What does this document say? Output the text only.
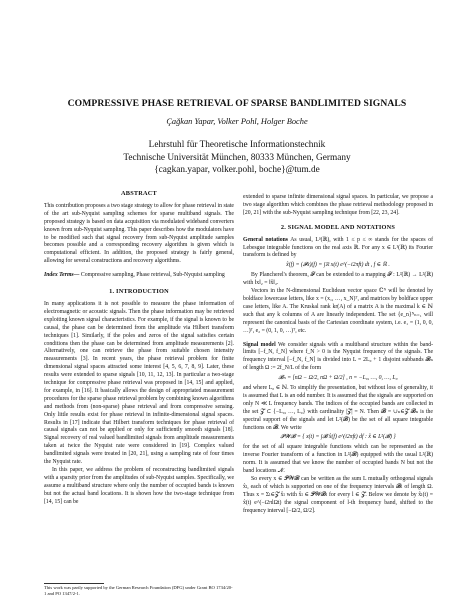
COMPRESSIVE PHASE RETRIEVAL OF SPARSE BANDLIMITED SIGNALS
Çağkan Yapar, Volker Pohl, Holger Boche
Lehrstuhl für Theoretische Informationstechnik
Technische Universität München, 80333 München, Germany
{cagkan.yapar, volker.pohl, boche}@tum.de
ABSTRACT

This contribution proposes a two stage strategy to allow for phase retrieval in state of the art sub-Nyquist sampling schemes for sparse multiband signals. The proposed strategy is based on data acquisition via modulated wideband converters known from sub-Nyquist sampling. This paper describes how the modulators have to be modified such that signal recovery from sub-Nyquist amplitude samples becomes possible and a corresponding recovery algorithm is given which is computational efficient. In addition, the proposed strategy is fairly general, allowing for several constructions and recovery algorithms.

Index Terms— Compressive sampling, Phase retrieval, Sub-Nyquist sampling

1. INTRODUCTION

In many applications it is not possible to measure the phase information of electromagnetic or acoustic signals. Then the phase information may be retrieved exploiting known signal characteristics. For example, if the signal is known to be causal, the phase can be determined from the amplitude via Hilbert transform techniques [1]. Similarly, if the poles and zeros of the signal satisfies certain conditions then the phase can be determined from amplitude measurements [2]. Alternatively, one can retrieve the phase from suitable chosen intensity measurements [3]. In recent years, the phase retrieval problem for finite dimensional signal spaces attracted some interest [4, 5, 6, 7, 8, 9]. Later, these results were extended to sparse signals [10, 11, 12, 13]. In particular a two-stage technique for compressive phase retrieval was proposed in [14, 15] and applied, for example, in [16]. It basically allows the design of appropriated measurement procedures for the sparse phase retrieval problem by combining known algorithms and methods from (non-sparse) phase retrieval and from compressive sensing. Only little results exist for phase retrieval in infinite-dimensional signal spaces. Results in [17] indicate that Hilbert transform techniques for phase retrieval of causal signals can not be applied or only for sufficiently smooth signals [18]. Signal recovery of real valued bandlimited signals from amplitude measurements taken at twice the Nyquist rate were considered in [19]. Complex valued bandlimited signals were treated in [20, 21], using a sampling rate of four times the Nyquist rate.

In this paper, we address the problem of reconstructing bandlimited signals with a sparsity prior from the amplitudes of sub-Nyquist samples. Specifically, we assume a multiband structure where only the number of occupied bands is known but not the actual band locations. It is shown how the two-stage technique from [14, 15] can be

This work was partly supported by the German Research Foundation (DFG) under Grant BO 1734/20-1 and PO 1347/2-1.

extended to sparse infinite dimensional signal spaces. In particular, we propose a two stage algorithm which combines the phase retrieval methodology proposed in [20, 21] with the sub-Nyquist sampling technique from [22, 23, 24].

2. SIGNAL MODEL AND NOTATIONS

General notations As usual, Lᵖ(ℝ), with 1 ≤ p ≤ ∞ stands for the spaces of Lebesgue integrable functions on the real axis ℝ. For any x ∈ L¹(ℝ) its Fourier transform is defined by

x̂(f) = (𝓕x)(f) = ∫ℝ x(t) e^(−i2πft) dt , f ∈ ℝ .

By Plancherel's theorem, 𝓕 can be extended to a mapping 𝓕 : L²(ℝ) → L²(ℝ) with ‖x‖₂ = ‖x̂‖₂.

Vectors in the N-dimensional Euclidean vector space ℂᴺ will be denoted by boldface lowercase letters, like x = (x₁, …, x_N)ᵀ, and matrices by boldface upper case letters, like A. The Kruskal rank kr(A) of a matrix A is the maximal k ∈ ℕ such that any k columns of A are linearly independent. The set {e_n}ᴺₙ₌₁ will represent the canonical basis of the Cartesian coordinate system, i.e. e₁ = (1, 0, 0, …)ᵀ, e₂ = (0, 1, 0, …)ᵀ, etc.

Signal model We consider signals with a multiband structure within the band-limits [−f_N, f_N] where f_N > 0 is the Nyquist frequency of the signals. The frequency interval [−f_N, f_N] is divided into L = 2L₀ + 1 disjoint subbands 𝓑ₙ of length Ω := 2f_N/L of the form

𝓑ₙ = [nΩ − Ω/2, nΩ + Ω/2] , n = −L₀, …, 0, …, L₀

and where L₀ ∈ ℕ. To simplify the presentation, but without loss of generality, it is assumed that L is an odd number. It is assumed that the signals are supported on only N ≪ L frequency bands. The indices of the occupied bands are collected in the set 𝓩 ⊂ {−L₀, …, L₀} with cardinality |𝓩| = N. Then 𝓑 = ∪ₙ∈𝓩 𝓑ₙ is the spectral support of the signals and let L²(𝓑) be the set of all square integrable functions on 𝓑. We write

𝓟𝓦𝓑 = { x(t) = ∫𝓑 x̂(f) e^(i2πft) df : x̂ ∈ L²(𝓑) }

for the set of all square integrable functions which can be represented as the inverse Fourier transform of a function in L²(𝓑) equipped with the usual L²(ℝ) norm. It is assumed that we know the number of occupied bands N but not the band locations 𝓝.

So every x ∈ 𝓟𝓦𝓑 can be written as the sum L mutually orthogonal signals x̂ₗ, each of which is supported on one of the frequency intervals 𝓑ₗ of length Ω. Thus x = Σₗ∈𝓩 x̂ₗ with x̂ₗ ∈ 𝓟𝓦𝓑ₗ for every l ∈ 𝓩. Below we denote by x̂ₗ(t) = x̂(t) e^(−i2πlΩt) the signal component of l-th frequency band, shifted to the frequency interval [−Ω/2, Ω/2].
